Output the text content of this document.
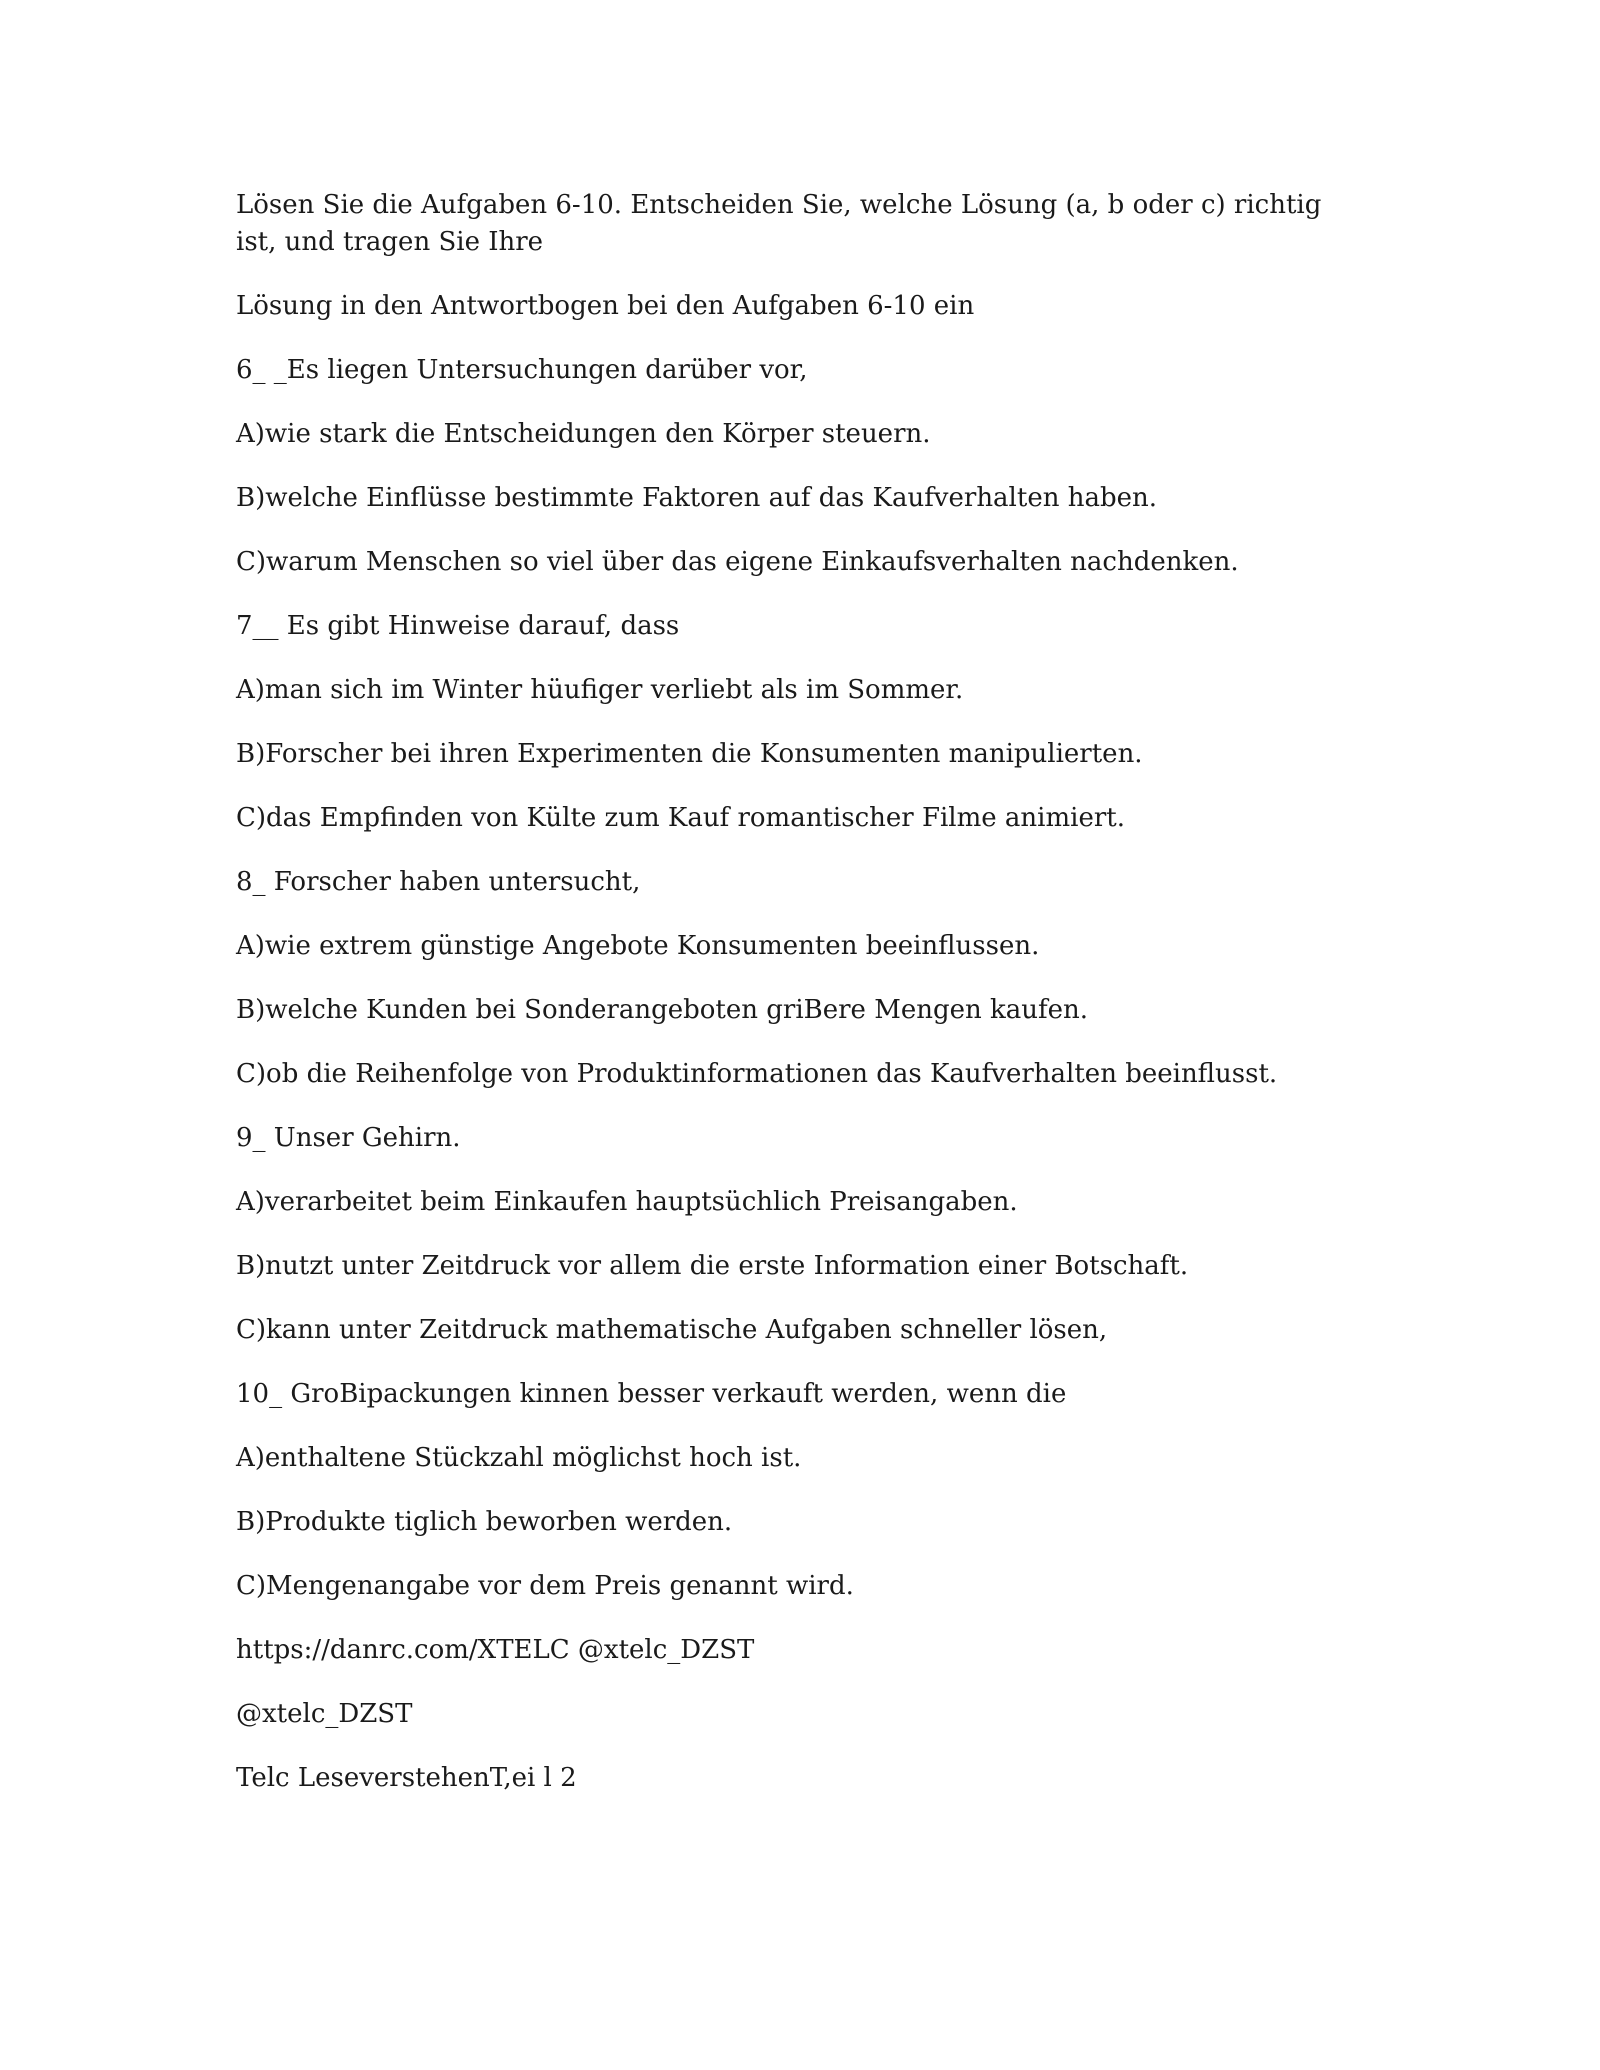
Lösen Sie die Aufgaben 6-10. Entscheiden Sie, welche Lösung (a, b oder c) richtig ist, und tragen Sie Ihre

Lösung in den Antwortbogen bei den Aufgaben 6-10 ein

6_ _Es liegen Untersuchungen darüber vor,

A)wie stark die Entscheidungen den Körper steuern.

B)welche Einflüsse bestimmte Faktoren auf das Kaufverhalten haben.

C)warum Menschen so viel über das eigene Einkaufsverhalten nachdenken.

7__ Es gibt Hinweise darauf, dass

A)man sich im Winter hüufiger verliebt als im Sommer.

B)Forscher bei ihren Experimenten die Konsumenten manipulierten.

C)das Empfinden von Külte zum Kauf romantischer Filme animiert.

8_ Forscher haben untersucht,

A)wie extrem günstige Angebote Konsumenten beeinflussen.

B)welche Kunden bei Sonderangeboten griBere Mengen kaufen.

C)ob die Reihenfolge von Produktinformationen das Kaufverhalten beeinflusst.

9_ Unser Gehirn.

A)verarbeitet beim Einkaufen hauptsüchlich Preisangaben.

B)nutzt unter Zeitdruck vor allem die erste Information einer Botschaft.

C)kann unter Zeitdruck mathematische Aufgaben schneller lösen,

10_ GroBipackungen kinnen besser verkauft werden, wenn die

A)enthaltene Stückzahl möglichst hoch ist.

B)Produkte tiglich beworben werden.

C)Mengenangabe vor dem Preis genannt wird.

https://danrc.com/XTELC @xtelc_DZST

@xtelc_DZST

Telc LeseverstehenT,ei l 2
